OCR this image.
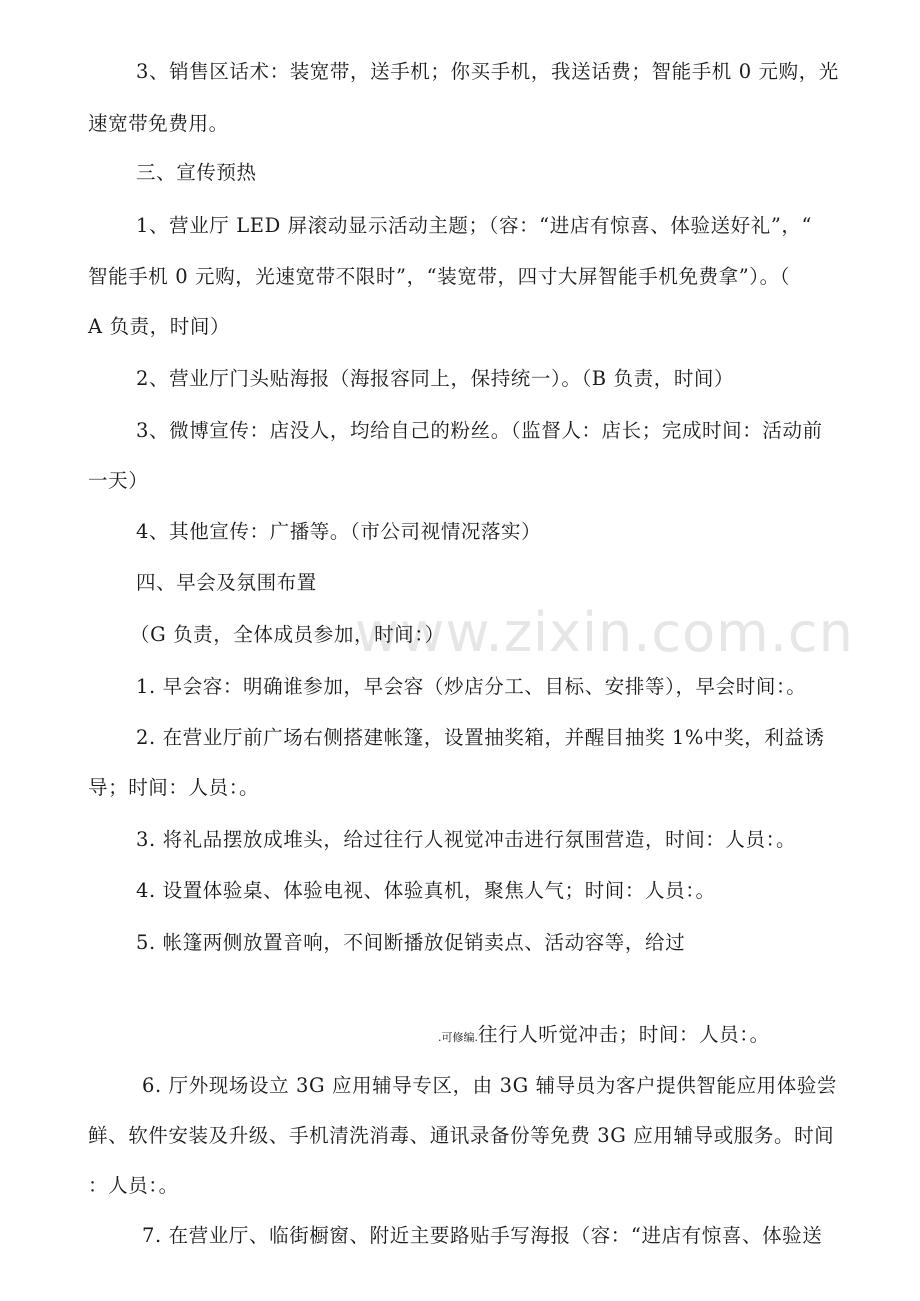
www.zixin.com.cn
3、销售区话术：装宽带，送手机；你买手机，我送话费；智能手机 0 元购，光
速宽带免费用。
三、宣传预热
1、营业厅 LED 屏滚动显示活动主题；（容：“进店有惊喜、体验送好礼”，“
智能手机 0 元购，光速宽带不限时”，“装宽带，四寸大屏智能手机免费拿”）。（
A 负责，时间）
2、营业厅门头贴海报（海报容同上，保持统一）。（B 负责，时间）
3、微博宣传：店没人，均给自己的粉丝。（监督人：店长；完成时间：活动前
一天）
4、其他宣传：广播等。（市公司视情况落实）
四、早会及氛围布置
（G 负责，全体成员参加，时间：）
1. 早会容：明确谁参加，早会容（炒店分工、目标、安排等），早会时间：。
2. 在营业厅前广场右侧搭建帐篷，设置抽奖箱，并醒目抽奖 1%中奖，利益诱
导；时间：人员：。
3. 将礼品摆放成堆头，给过往行人视觉冲击进行氛围营造，时间：人员：。
4. 设置体验桌、体验电视、体验真机，聚焦人气；时间：人员：。
5. 帐篷两侧放置音响，不间断播放促销卖点、活动容等，给过
.可修编.往行人听觉冲击；时间：人员：。
6. 厅外现场设立 3G 应用辅导专区，由 3G 辅导员为客户提供智能应用体验尝
鲜、软件安装及升级、手机清洗消毒、通讯录备份等免费 3G 应用辅导或服务。时间
：人员：。
7. 在营业厅、临街橱窗、附近主要路贴手写海报（容：“进店有惊喜、体验送
